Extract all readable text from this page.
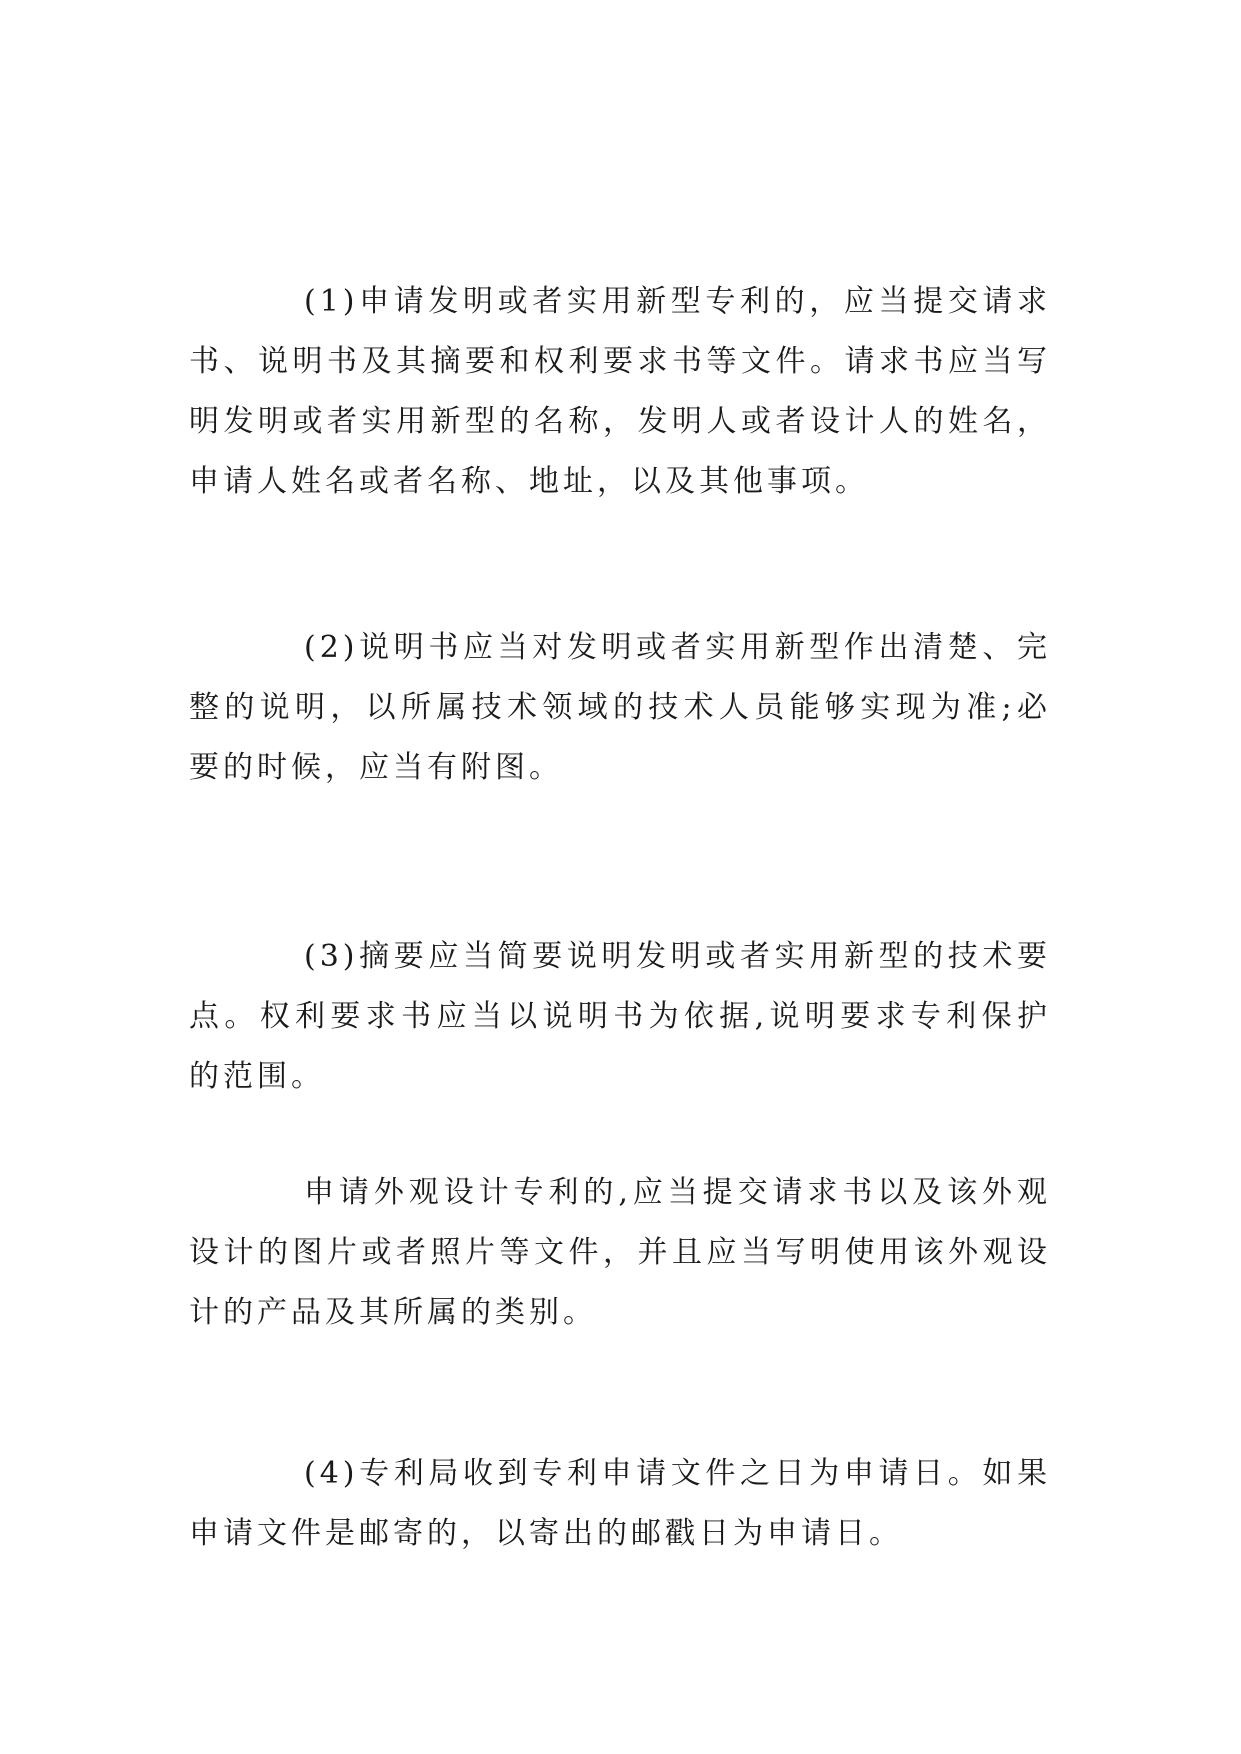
(1)申请发明或者实用新型专利的，应当提交请求书、说明书及其摘要和权利要求书等文件。请求书应当写明发明或者实用新型的名称，发明人或者设计人的姓名，申请人姓名或者名称、地址，以及其他事项。

(2)说明书应当对发明或者实用新型作出清楚、完整的说明，以所属技术领域的技术人员能够实现为准;必要的时候，应当有附图。

(3)摘要应当简要说明发明或者实用新型的技术要点。权利要求书应当以说明书为依据,说明要求专利保护的范围。

申请外观设计专利的,应当提交请求书以及该外观设计的图片或者照片等文件，并且应当写明使用该外观设计的产品及其所属的类别。

(4)专利局收到专利申请文件之日为申请日。如果申请文件是邮寄的，以寄出的邮戳日为申请日。
